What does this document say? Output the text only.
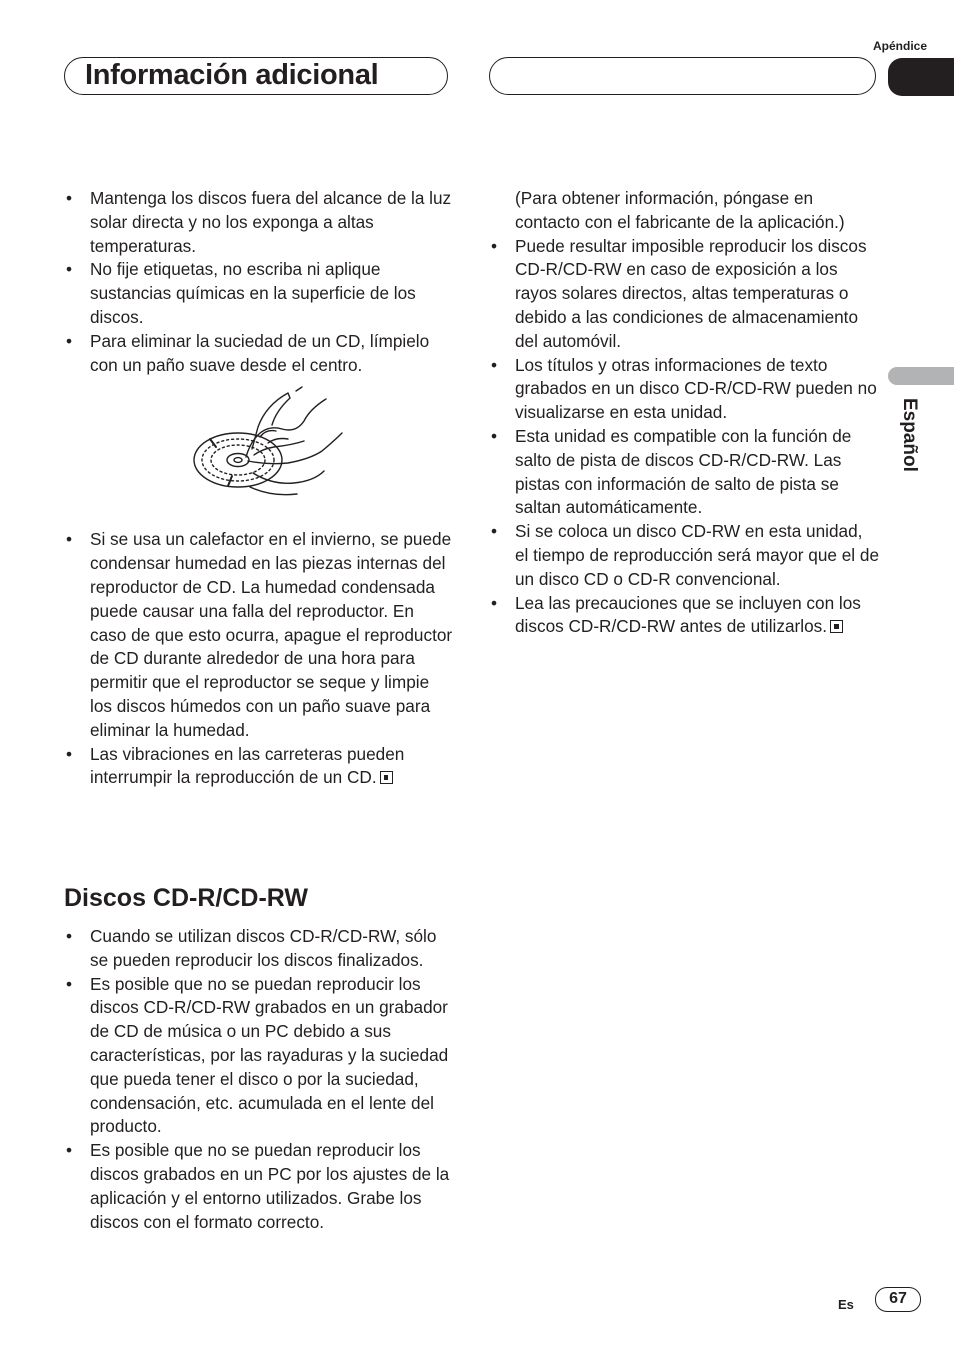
Apéndice
Información adicional
Español
• Mantenga los discos fuera del alcance de la luz solar directa y no los exponga a altas temperaturas.
• No fije etiquetas, no escriba ni aplique sustancias químicas en la superficie de los discos.
• Para eliminar la suciedad de un CD, límpielo con un paño suave desde el centro.
• Si se usa un calefactor en el invierno, se puede condensar humedad en las piezas internas del reproductor de CD. La humedad condensada puede causar una falla del reproductor. En caso de que esto ocurra, apague el reproductor de CD durante alrededor de una hora para permitir que el reproductor se seque y limpie los discos húmedos con un paño suave para eliminar la humedad.
• Las vibraciones en las carreteras pueden interrumpir la reproducción de un CD.
Discos CD-R/CD-RW
• Cuando se utilizan discos CD-R/CD-RW, sólo se pueden reproducir los discos finalizados.
• Es posible que no se puedan reproducir los discos CD-R/CD-RW grabados en un grabador de CD de música o un PC debido a sus características, por las rayaduras y la suciedad que pueda tener el disco o por la suciedad, condensación, etc. acumulada en el lente del producto.
• Es posible que no se puedan reproducir los discos grabados en un PC por los ajustes de la aplicación y el entorno utilizados. Grabe los discos con el formato correcto.
(Para obtener información, póngase en contacto con el fabricante de la aplicación.)
• Puede resultar imposible reproducir los discos CD-R/CD-RW en caso de exposición a los rayos solares directos, altas temperaturas o debido a las condiciones de almacenamiento del automóvil.
• Los títulos y otras informaciones de texto grabados en un disco CD-R/CD-RW pueden no visualizarse en esta unidad.
• Esta unidad es compatible con la función de salto de pista de discos CD-R/CD-RW. Las pistas con información de salto de pista se saltan automáticamente.
• Si se coloca un disco CD-RW en esta unidad, el tiempo de reproducción será mayor que el de un disco CD o CD-R convencional.
• Lea las precauciones que se incluyen con los discos CD-R/CD-RW antes de utilizarlos.
Es	67
